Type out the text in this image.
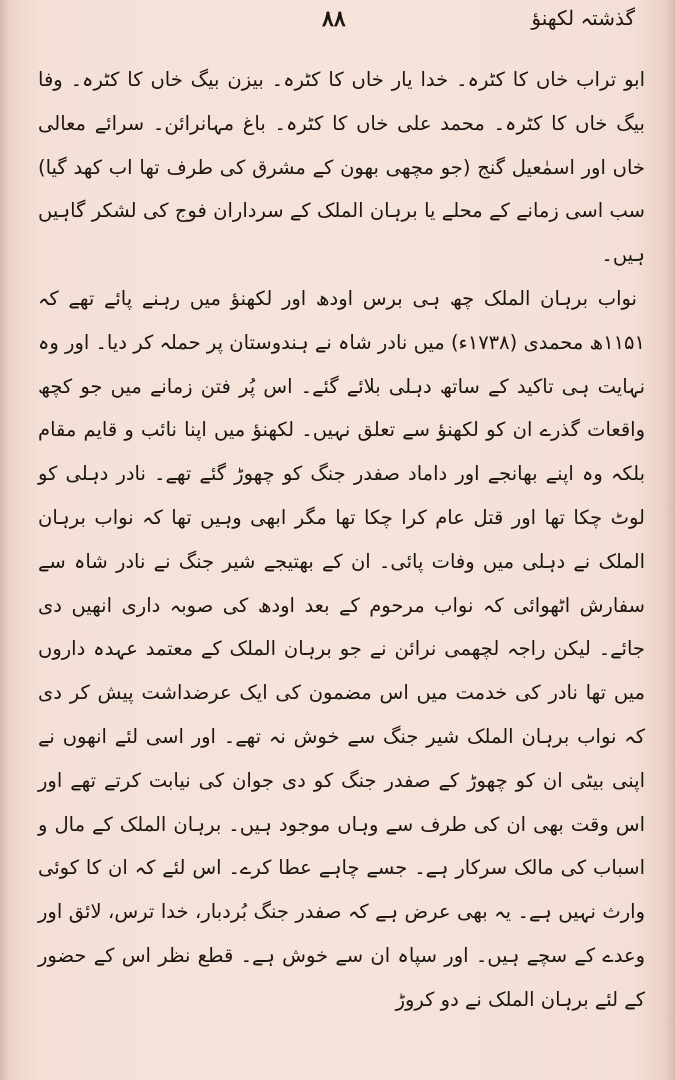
۸۸	گذشتہ لکھنؤ

ابو تراب خاں کا کٹرہ۔ خدا یار خاں کا کٹرہ۔ بیزن بیگ خاں کا کٹرہ۔ وفا بیگ خاں کا کٹرہ۔ محمد علی خاں کا کٹرہ۔ باغ مہانرائن۔ سرائے معالی خاں اور اسمٰعیل گنج (جو مچھی بھون کے مشرق کی طرف تھا اب کھد گیا) سب اسی زمانے کے محلے یا برہان الملک کے سرداران فوج کی لشکر گاہیں ہیں۔

نواب برہان الملک چھ ہی برس اودھ اور لکھنؤ میں رہنے پائے تھے کہ ۱۱۵۱ھ محمدی (۱۷۳۸ء) میں نادر شاہ نے ہندوستان پر حملہ کر دیا۔ اور وہ نہایت ہی تاکید کے ساتھ دہلی بلائے گئے۔ اس پُر فتن زمانے میں جو کچھ واقعات گذرے ان کو لکھنؤ سے تعلق نہیں۔ لکھنؤ میں اپنا نائب و قایم مقام بلکہ وہ اپنے بھانجے اور داماد صفدر جنگ کو چھوڑ گئے تھے۔ نادر دہلی کو لوٹ چکا تھا اور قتل عام کرا چکا تھا مگر ابھی وہیں تھا کہ نواب برہان الملک نے دہلی میں وفات پائی۔ ان کے بھتیجے شیر جنگ نے نادر شاہ سے سفارش اٹھوائی کہ نواب مرحوم کے بعد اودھ کی صوبہ داری انھیں دی جائے۔ لیکن راجہ لچھمی نرائن نے جو برہان الملک کے معتمد عہدہ داروں میں تھا نادر کی خدمت میں اس مضمون کی ایک عرضداشت پیش کر دی کہ نواب برہان الملک شیر جنگ سے خوش نہ تھے۔ اور اسی لئے انھوں نے اپنی بیٹی ان کو چھوڑ کے صفدر جنگ کو دی جوان کی نیابت کرتے تھے اور اس وقت بھی ان کی طرف سے وہاں موجود ہیں۔ برہان الملک کے مال و اسباب کی مالک سرکار ہے۔ جسے چاہے عطا کرے۔ اس لئے کہ ان کا کوئی وارث نہیں ہے۔ یہ بھی عرض ہے کہ صفدر جنگ بُردبار، خدا ترس، لائق اور وعدے کے سچے ہیں۔ اور سپاہ ان سے خوش ہے۔ قطع نظر اس کے حضور کے لئے برہان الملک نے دو کروڑ
